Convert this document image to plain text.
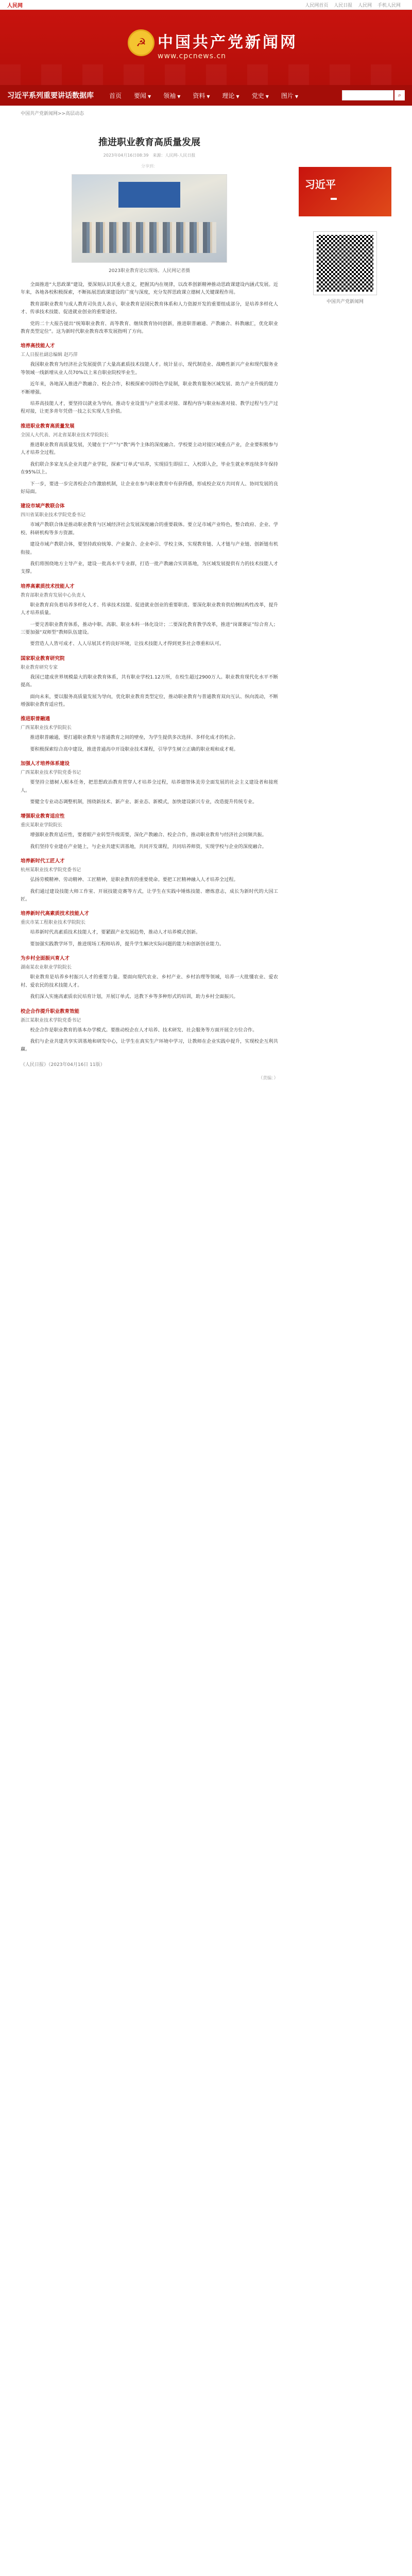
人民网	人民网首页 人民日报 人民网 手机人民网
☭ 中国共产党新闻网
www.cpcnews.cn
习近平系列重要讲话数据库	首页 要闻 ▼ 领袖 ▼ 资料 ▼ 理论 ▼ 党史 ▼ 图片 ▼	⌕
中国共产党新闻网>>高层动态
推进职业教育高质量发展
2023年04月16日08:39　来源：人民网-人民日报
分享到：
2023职业教育论坛现场。人民网记者摄

全面推进“大思政课”建设，要深刻认识其重大意义，把握其内在规律，以改革创新精神推动思政课建设内涵式发展。近年来，各地各校积极探索，不断拓展思政课建设的广度与深度，充分发挥思政课立德树人关键课程作用。

教育部职业教育与成人教育司负责人表示，职业教育是国民教育体系和人力资源开发的重要组成部分，是培养多样化人才、传承技术技能、促进就业创业的重要途径。

党的二十大报告提出“统筹职业教育、高等教育、继续教育协同创新，推进职普融通、产教融合、科教融汇，优化职业教育类型定位”。这为新时代职业教育改革发展指明了方向。

培养高技能人才
工人日报社副总编辑 赵巧萍

我国职业教育为经济社会发展提供了大量高素质技术技能人才。统计显示，现代制造业、战略性新兴产业和现代服务业等领域一线新增从业人员70%以上来自职业院校毕业生。

近年来，各地深入推进产教融合、校企合作，积极探索中国特色学徒制，职业教育服务区域发展、助力产业升级的能力不断增强。

培养高技能人才，要坚持以就业为导向，推动专业设置与产业需求对接、课程内容与职业标准对接、教学过程与生产过程对接，让更多青年凭借一技之长实现人生价值。

推进职业教育高质量发展
全国人大代表、河北省某职业技术学院院长

推进职业教育高质量发展，关键在于“产”与“教”两个主体的深度融合。学校要主动对接区域重点产业，企业要积极参与人才培养全过程。

我们联合多家龙头企业共建产业学院，探索“订单式”培养，实现招生即招工、入校即入企，毕业生就业率连续多年保持在95%以上。

下一步，要进一步完善校企合作激励机制，让企业在参与职业教育中有获得感，形成校企双方共同育人、协同发展的良好局面。

建设市域产教联合体
四川省某职业技术学院党委书记

市域产教联合体是推动职业教育与区域经济社会发展深度融合的重要载体。要立足市域产业特色，整合政府、企业、学校、科研机构等多方资源。

建设市域产教联合体，要坚持政府统筹、产业聚合、企业牵引、学校主体，实现教育链、人才链与产业链、创新链有机衔接。

我们将围绕地方主导产业，建设一批高水平专业群，打造一批产教融合实训基地，为区域发展提供有力的技术技能人才支撑。

培养高素质技术技能人才
教育部职业教育发展中心负责人

职业教育肩负着培养多样化人才、传承技术技能、促进就业创业的重要职责。要深化职业教育供给侧结构性改革，提升人才培养质量。

一要完善职业教育体系，推动中职、高职、职业本科一体化设计；二要深化教育教学改革，推进“岗课赛证”综合育人；三要加强“双师型”教师队伍建设。

要营造人人皆可成才、人人尽展其才的良好环境，让技术技能人才得到更多社会尊重和认可。

国家职业教育研究院
职业教育研究专家

我国已建成世界规模最大的职业教育体系，共有职业学校1.12万所，在校生超过2900万人。职业教育现代化水平不断提高。

面向未来，要以服务高质量发展为导向，优化职业教育类型定位，推动职业教育与普通教育双向互认、纵向流动，不断增强职业教育适应性。

推进职普融通
广西某职业技术学院院长

推进职普融通，要打通职业教育与普通教育之间的壁垒，为学生提供多次选择、多样化成才的机会。

要积极探索综合高中建设，推进普通高中开设职业技术课程，引导学生树立正确的职业观和成才观。

加强人才培养体系建设
广西某职业技术学院党委书记

要坚持立德树人根本任务，把思想政治教育贯穿人才培养全过程，培养德智体美劳全面发展的社会主义建设者和接班人。

要健全专业动态调整机制，围绕新技术、新产业、新业态、新模式，加快建设新兴专业，改造提升传统专业。

增强职业教育适应性
重庆某职业学院院长

增强职业教育适应性，要着眼产业转型升级需要，深化产教融合、校企合作，推动职业教育与经济社会同频共振。

我们坚持专业建在产业链上，与企业共建实训基地，共同开发课程，共同培养师资，实现学校与企业的深度融合。

培养新时代工匠人才
杭州某职业技术学院党委书记

弘扬劳模精神、劳动精神、工匠精神，是职业教育的重要使命。要把工匠精神融入人才培养全过程。

我们通过建设技能大师工作室、开展技能竞赛等方式，让学生在实践中锤炼技能、磨炼意志，成长为新时代的大国工匠。

培养新时代高素质技术技能人才
重庆市某工程职业技术学院院长

培养新时代高素质技术技能人才，要紧跟产业发展趋势，推动人才培养模式创新。

要加强实践教学环节，推进现场工程师培养，提升学生解决实际问题的能力和创新创业能力。

为乡村全面振兴育人才
湖南某农业职业学院院长

职业教育是培养乡村振兴人才的重要力量。要面向现代农业、乡村产业、乡村治理等领域，培养一大批懂农业、爱农村、爱农民的技术技能人才。

我们深入实施高素质农民培育计划，开展订单式、送教下乡等多种形式的培训，助力乡村全面振兴。

校企合作提升职业教育效能
浙江某职业技术学院党委书记

校企合作是职业教育的基本办学模式。要推动校企在人才培养、技术研发、社会服务等方面开展全方位合作。

我们与企业共建共享实训基地和研发中心，让学生在真实生产环境中学习，让教师在企业实践中提升，实现校企互利共赢。

《人民日报》（2023年04月16日 11版）
（责编：）
习近平
中国共产党新闻网
